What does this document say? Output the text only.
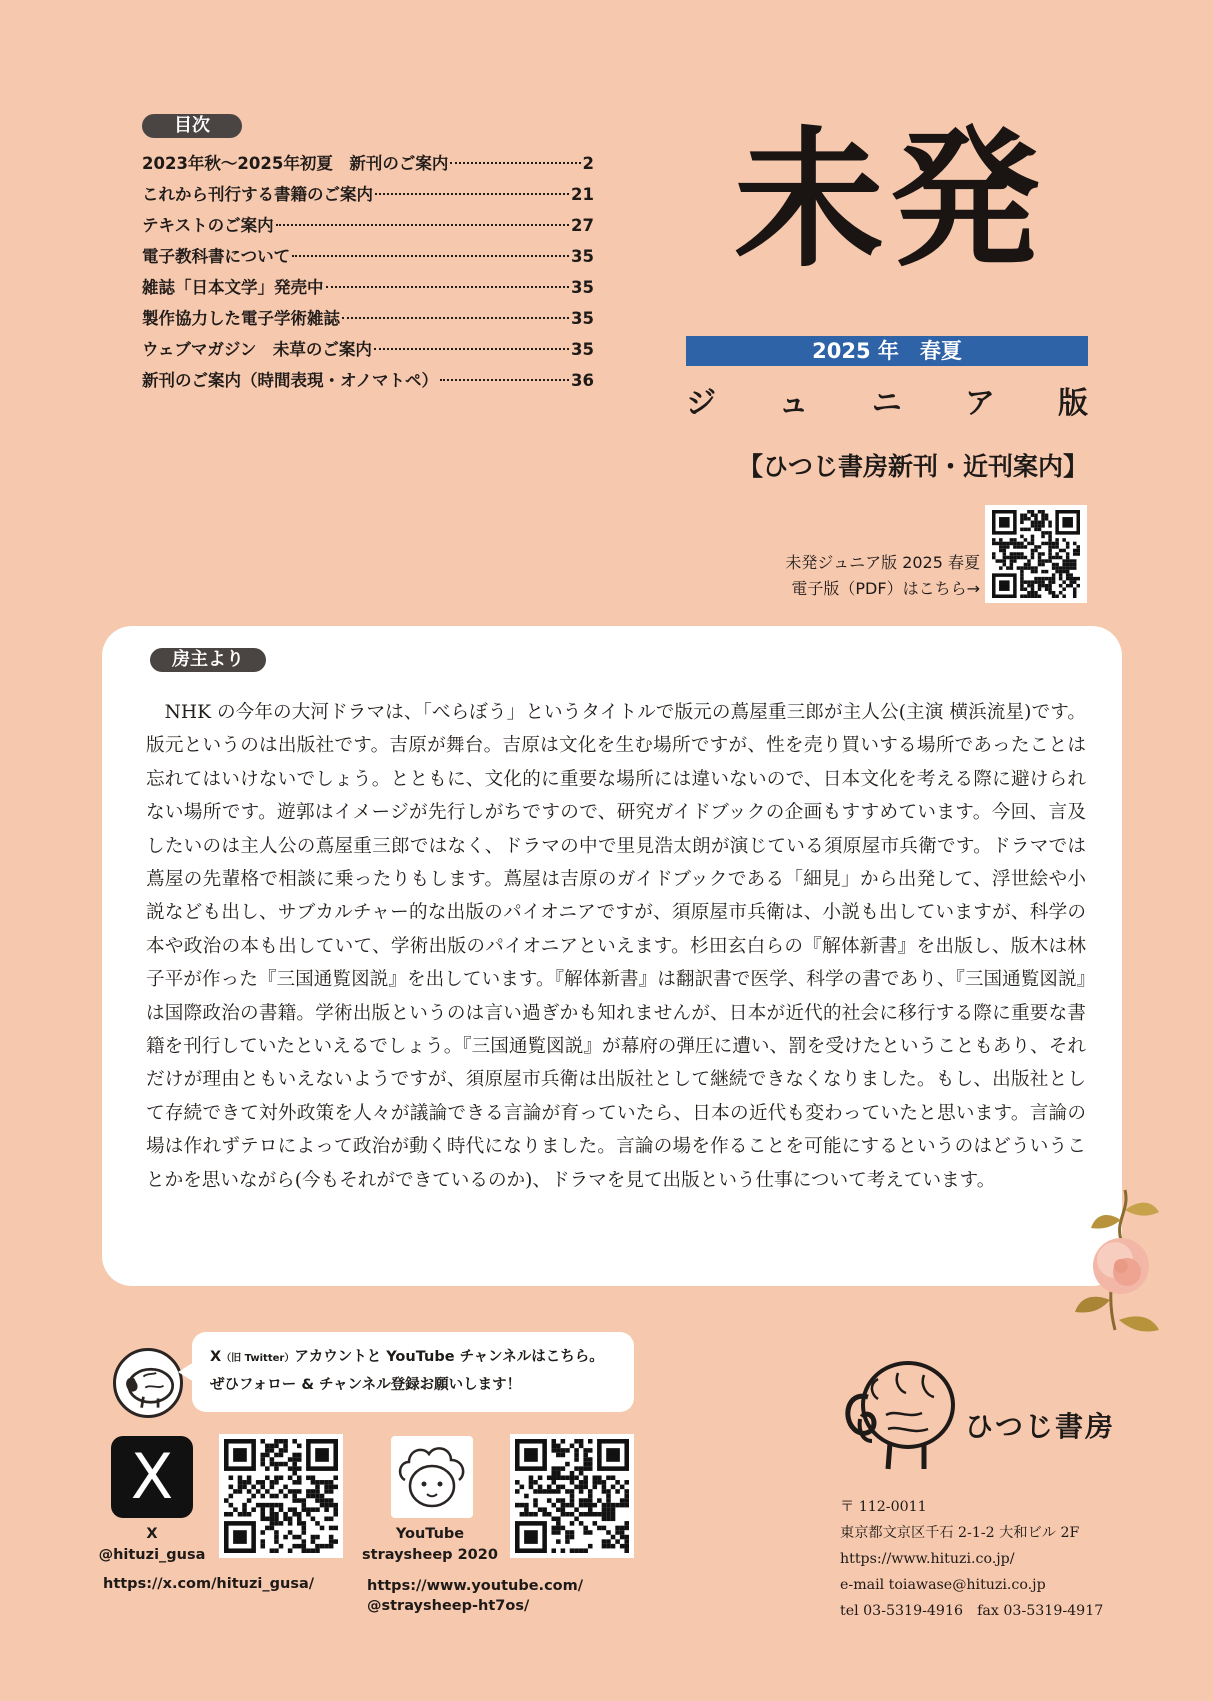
目次
2023年秋〜2025年初夏　新刊のご案内	2
これから刊行する書籍のご案内	21
テキストのご案内	27
電子教科書について	35
雑誌「日本文学」発売中	35
製作協力した電子学術雑誌	35
ウェブマガジン　未草のご案内	35
新刊のご案内（時間表現・オノマトペ）	36
未発
2025 年　春夏
ジュニア版
【ひつじ書房新刊・近刊案内】
未発ジュニア版 2025 春夏
電子版（PDF）はこちら→
房主より

NHK の今年の大河ドラマは、「べらぼう」というタイトルで版元の蔦屋重三郎が主人公(主演 横浜流星)です。版元というのは出版社です。吉原が舞台。吉原は文化を生む場所ですが、性を売り買いする場所であったことは忘れてはいけないでしょう。とともに、文化的に重要な場所には違いないので、日本文化を考える際に避けられない場所です。遊郭はイメージが先行しがちですので、研究ガイドブックの企画もすすめています。今回、言及したいのは主人公の蔦屋重三郎ではなく、ドラマの中で里見浩太朗が演じている須原屋市兵衛です。ドラマでは蔦屋の先輩格で相談に乗ったりもします。蔦屋は吉原のガイドブックである「細見」から出発して、浮世絵や小説なども出し、サブカルチャー的な出版のパイオニアですが、須原屋市兵衛は、小説も出していますが、科学の本や政治の本も出していて、学術出版のパイオニアといえます。杉田玄白らの『解体新書』を出版し、版木は林子平が作った『三国通覧図説』を出しています。『解体新書』は翻訳書で医学、科学の書であり、『三国通覧図説』は国際政治の書籍。学術出版というのは言い過ぎかも知れませんが、日本が近代的社会に移行する際に重要な書籍を刊行していたといえるでしょう。『三国通覧図説』が幕府の弾圧に遭い、罰を受けたということもあり、それだけが理由ともいえないようですが、須原屋市兵衛は出版社として継続できなくなりました。もし、出版社として存続できて対外政策を人々が議論できる言論が育っていたら、日本の近代も変わっていたと思います。言論の場は作れずテロによって政治が動く時代になりました。言論の場を作ることを可能にするというのはどういうことかを思いながら(今もそれができているのか)、ドラマを見て出版という仕事について考えています。

X（旧 Twitter）アカウントと YouTube チャンネルはこちら。
ぜひフォロー & チャンネル登録お願いします！
X
X
@hituzi_gusa
https://x.com/hituzi_gusa/
YouTube
straysheep 2020
https://www.youtube.com/
@straysheep-ht7os/
ひつじ書房
〒 112-0011
東京都文京区千石 2-1-2 大和ビル 2F
https://www.hituzi.co.jp/
e-mail toiawase@hituzi.co.jp
tel 03-5319-4916　fax 03-5319-4917
